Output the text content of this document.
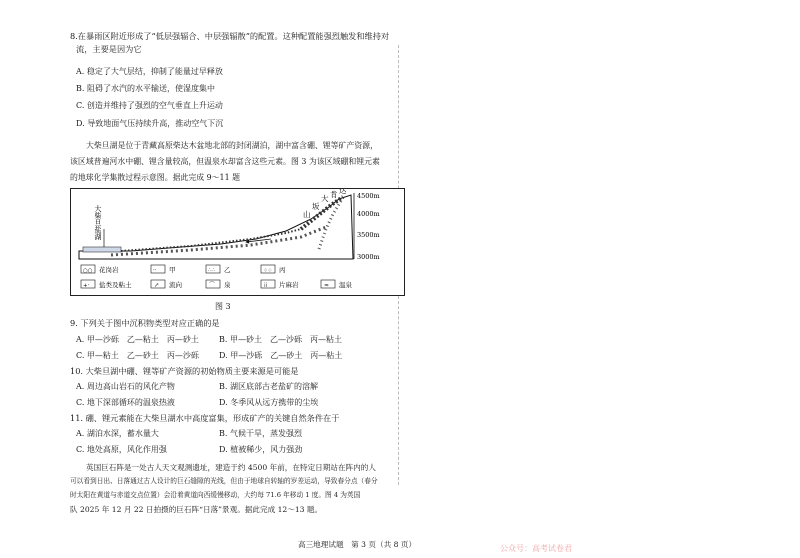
8.在暴雨区附近形成了“低层强辐合、中层强辐散”的配置。这种配置能强烈触发和维持对
流，主要是因为它
A. 稳定了大气层结，抑制了能量过早释放
B. 阻碍了水汽的水平输送，使湿度集中
C. 创造并维持了强烈的空气垂直上升运动
D. 导致地面气压持续升高，推动空气下沉
大柴旦湖是位于青藏高原柴达木盆地北部的封闭湖泊，湖中富含硼、锂等矿产资源，
该区域普遍河水中硼、锂含量较高，但温泉水却富含这些元素。图 3 为该区域硼和锂元素
的地球化学集散过程示意图。据此完成 9～11 题
大柴旦盐湖	山
坂
大 肯 达
4500m
4000m
3500m
3000m
○○ 花岗岩	·· 甲	∴∴ 乙	⁘⁘ 丙
+· 盐类及粘土	↗ 流向	⌒ 泉	⁞⁞ 片麻岩	≈ 温泉
图 3
9. 下列关于图中沉积物类型对应正确的是
A. 甲—沙砾　乙—粘土　丙—砂土	B. 甲—砂土　乙—沙砾　丙—粘土
C. 甲—粘土　乙—砂土　丙—沙砾	D. 甲—沙砾　乙—砂土　丙—粘土
10. 大柴旦湖中硼、锂等矿产资源的初始物质主要来源是可能是
A. 周边高山岩石的风化产物	B. 湖区底部古老盐矿的溶解
C. 地下深部循环的温泉热液	D. 冬季风从远方携带的尘埃
11. 硼、锂元素能在大柴旦湖水中高度富集，形成矿产的关键自然条件在于
A. 湖泊水深，蓄水量大	B. 气候干旱，蒸发强烈
C. 地处高原，风化作用强	D. 植被稀少，风力强劲
英国巨石阵是一处古人天文观测遗址，建造于约 4500 年前，在特定日期站在阵内的人
可以看到日出、日落通过古人设计的巨石缝隙的光线，但由于地球自转轴的岁差运动，导致春分点（春分
时太阳在黄道与赤道交点位置）会沿着黄道向西缓慢移动，大约每 71.6 年移动 1 度。图 4 为英国
队 2025 年 12 月 22 日拍摄的巨石阵“日落”景观。据此完成 12～13 题。
高三地理试题　第 3 页（共 8 页）	公众号：高考试卷君
